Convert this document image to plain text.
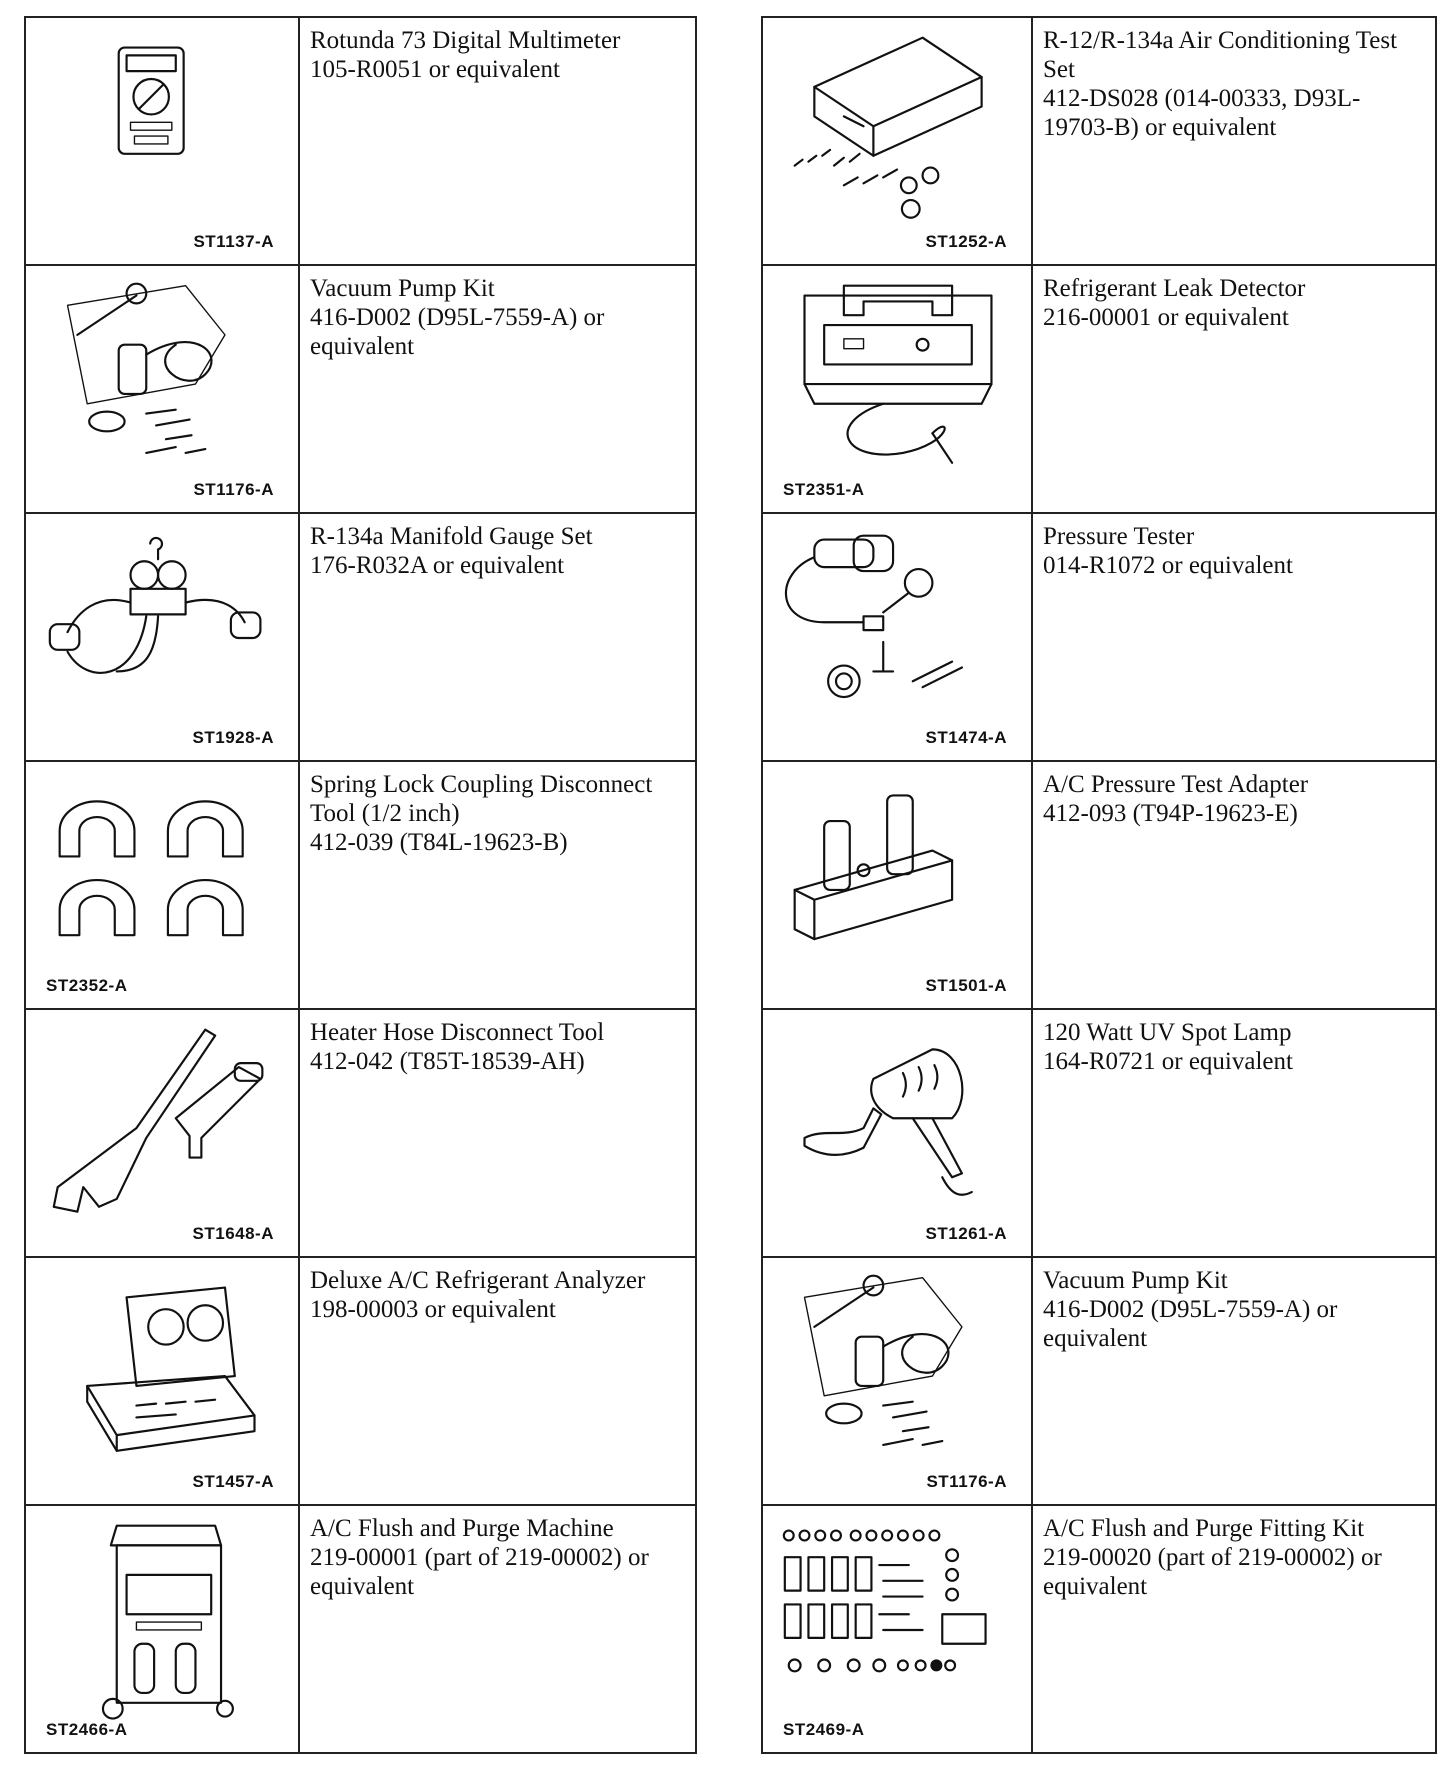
ST1137-A
Rotunda 73 Digital Multimeter
105-R0051 or equivalent
ST1176-A
Vacuum Pump Kit
416-D002 (D95L-7559-A) or equivalent
ST1928-A
R-134a Manifold Gauge Set
176-R032A or equivalent
ST2352-A
Spring Lock Coupling Disconnect Tool (1/2 inch)
412-039 (T84L-19623-B)
ST1648-A
Heater Hose Disconnect Tool
412-042 (T85T-18539-AH)
ST1457-A
Deluxe A/C Refrigerant Analyzer
198-00003 or equivalent
ST2466-A
A/C Flush and Purge Machine
219-00001 (part of 219-00002) or equivalent
ST1252-A
R-12/R-134a Air Conditioning Test Set
412-DS028 (014-00333, D93L-19703-B) or equivalent
ST2351-A
Refrigerant Leak Detector
216-00001 or equivalent
ST1474-A
Pressure Tester
014-R1072 or equivalent
ST1501-A
A/C Pressure Test Adapter
412-093 (T94P-19623-E)
ST1261-A
120 Watt UV Spot Lamp
164-R0721 or equivalent
ST1176-A
Vacuum Pump Kit
416-D002 (D95L-7559-A) or equivalent
ST2469-A
A/C Flush and Purge Fitting Kit
219-00020 (part of 219-00002) or equivalent
